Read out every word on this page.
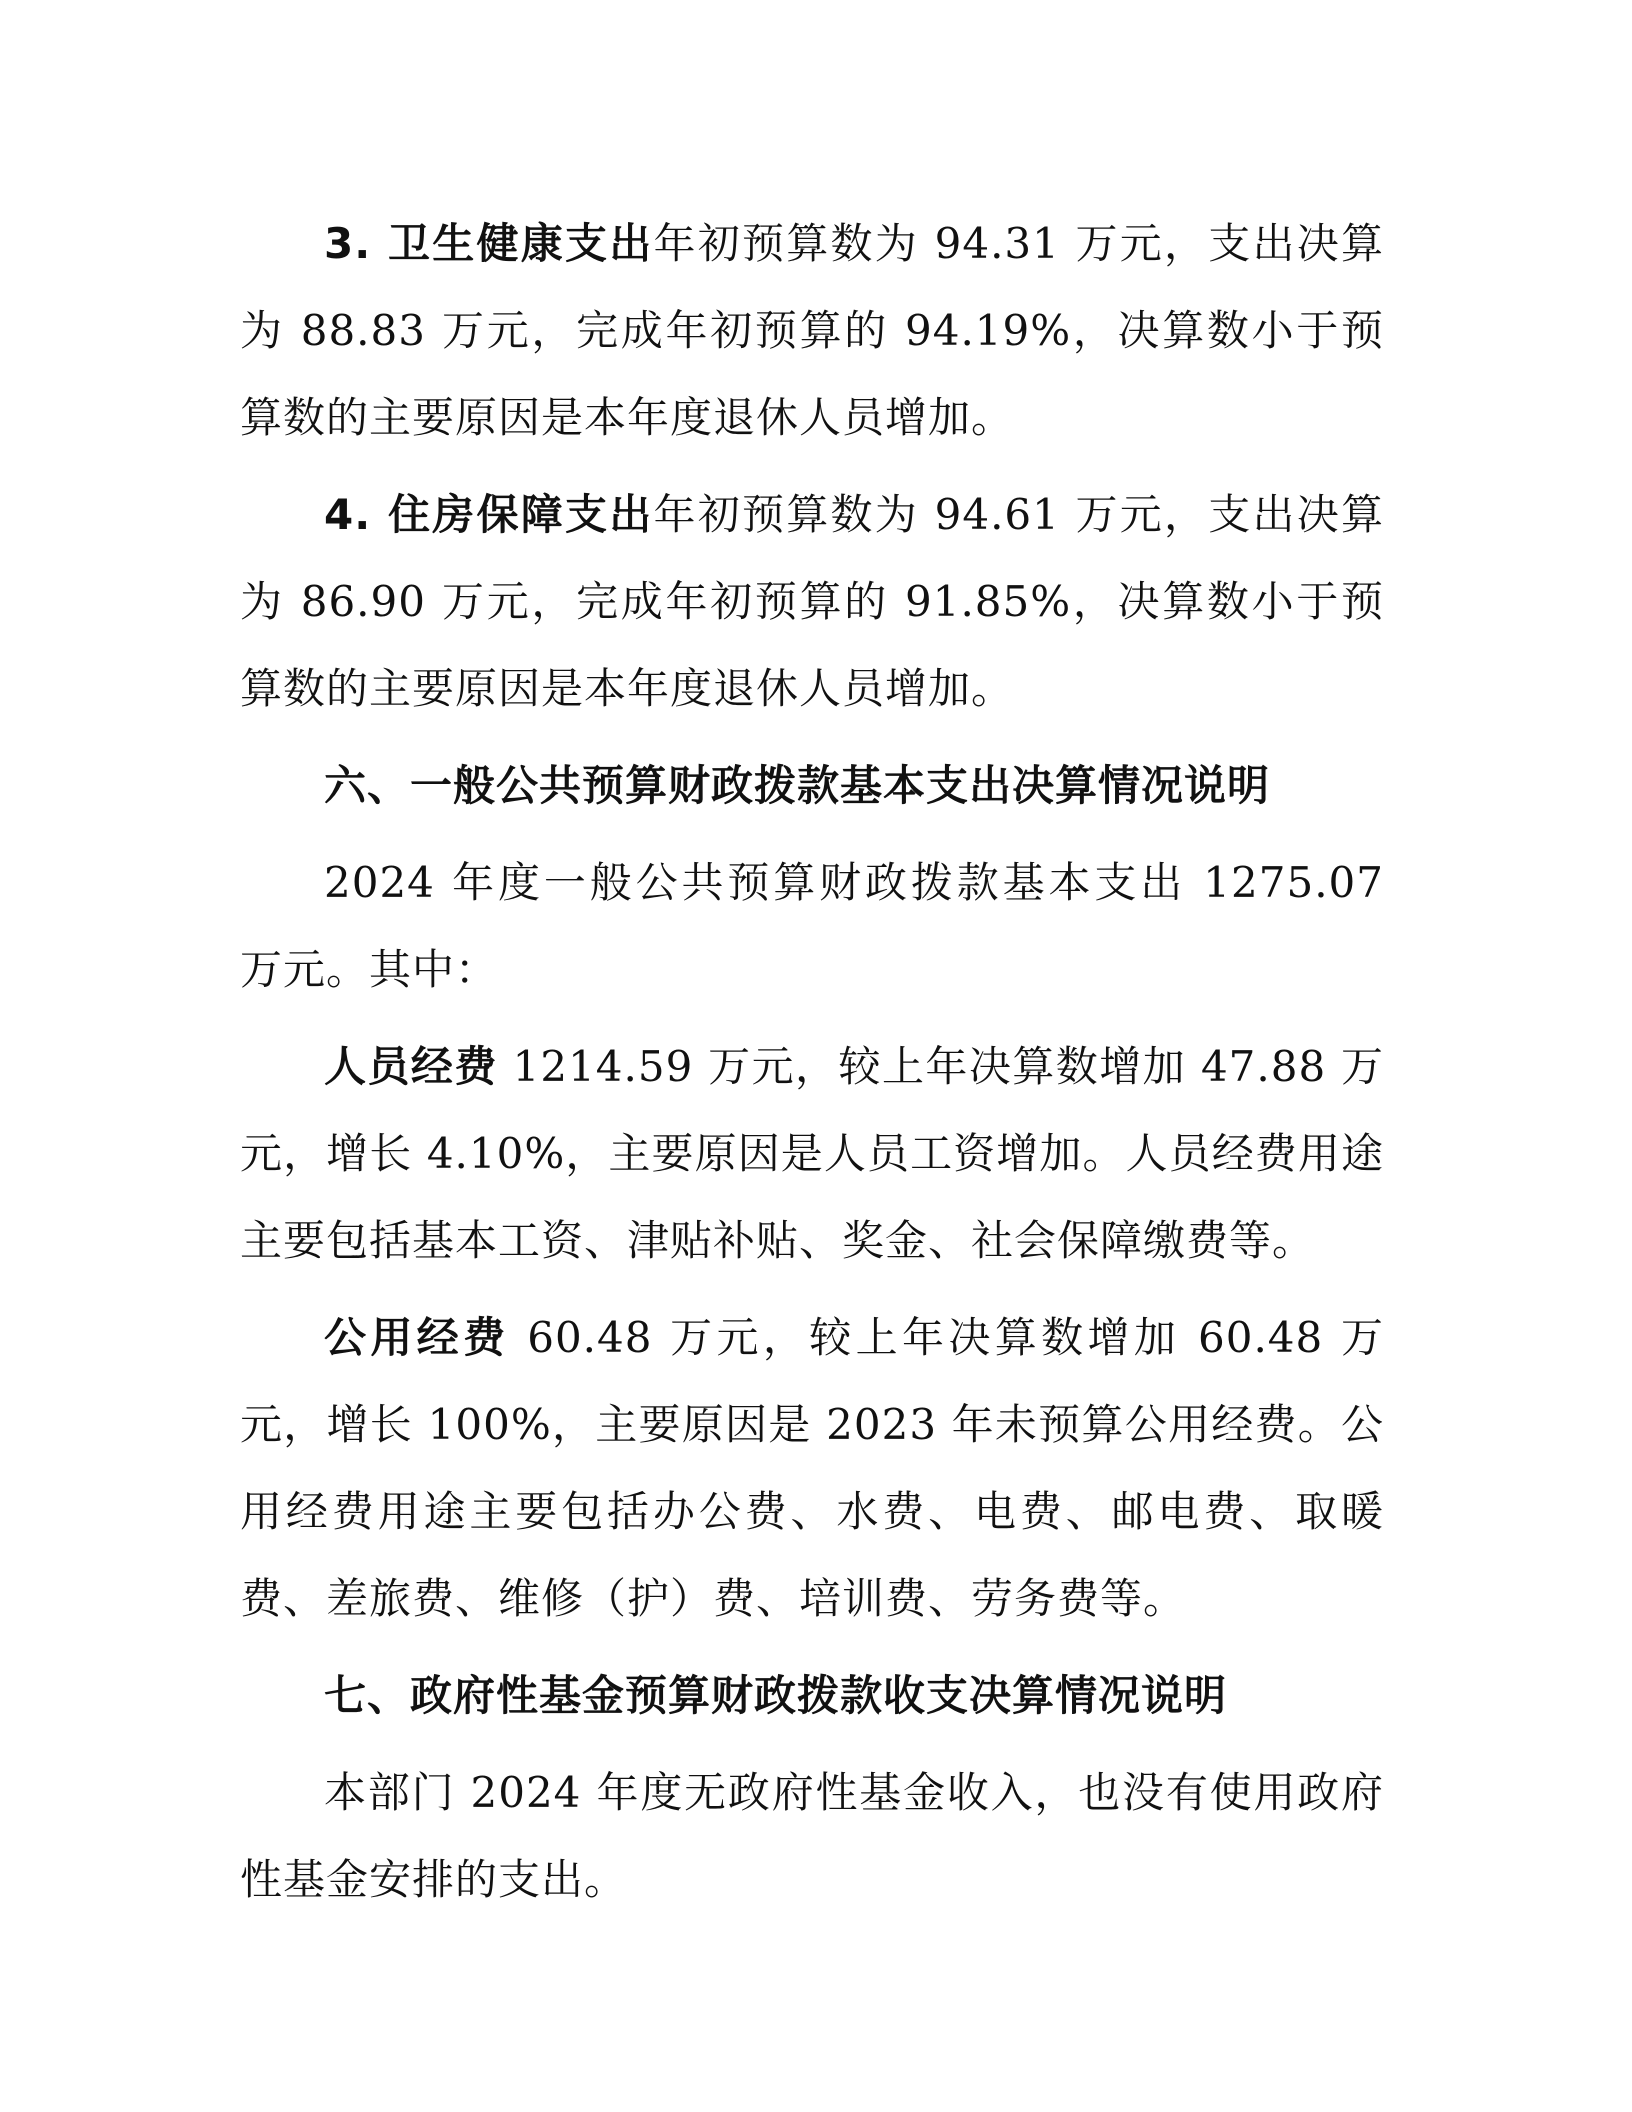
3. 卫生健康支出年初预算数为 94.31 万元，支出决算为 88.83 万元，完成年初预算的 94.19%，决算数小于预算数的主要原因是本年度退休人员增加。

4. 住房保障支出年初预算数为 94.61 万元，支出决算为 86.90 万元，完成年初预算的 91.85%，决算数小于预算数的主要原因是本年度退休人员增加。

六、一般公共预算财政拨款基本支出决算情况说明

2024 年度一般公共预算财政拨款基本支出 1275.07 万元。其中：

人员经费 1214.59 万元，较上年决算数增加 47.88 万元，增长 4.10%，主要原因是人员工资增加。人员经费用途主要包括基本工资、津贴补贴、奖金、社会保障缴费等。

公用经费 60.48 万元，较上年决算数增加 60.48 万元，增长 100%，主要原因是 2023 年未预算公用经费。公用经费用途主要包括办公费、水费、电费、邮电费、取暖费、差旅费、维修（护）费、培训费、劳务费等。

七、政府性基金预算财政拨款收支决算情况说明

本部门 2024 年度无政府性基金收入，也没有使用政府性基金安排的支出。
